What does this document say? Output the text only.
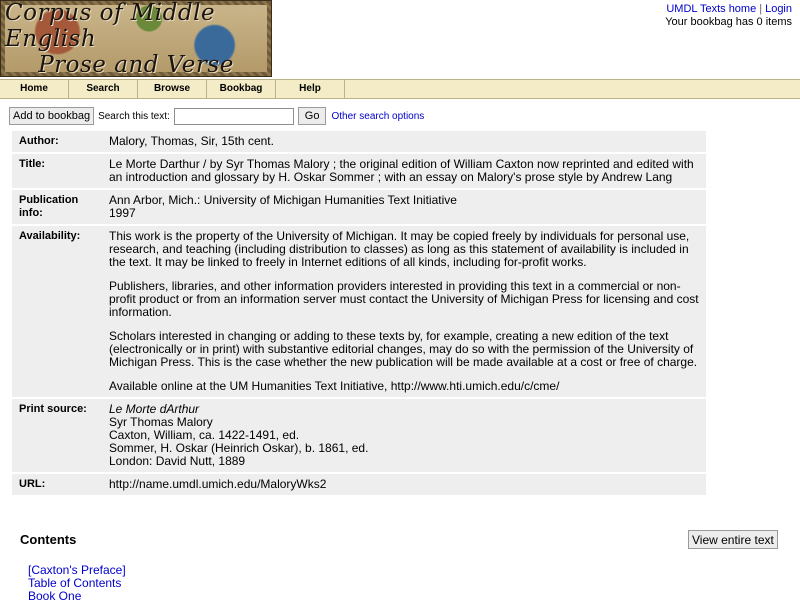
Corpus of Middle English
Prose and Verse
UMDL Texts home | Login
Your bookbag has 0 items
Home	Search	Browse	Bookbag	Help
Add to bookbag Search this text:	Go	Other search options
Author:	Malory, Thomas, Sir, 15th cent.
Title:	Le Morte Darthur / by Syr Thomas Malory ; the original edition of William Caxton now reprinted and edited with an introduction and glossary by H. Oskar Sommer ; with an essay on Malory's prose style by Andrew Lang
Publication info:	Ann Arbor, Mich.: University of Michigan Humanities Text Initiative
1997

Availability:	This work is the property of the University of Michigan. It may be copied freely by individuals for personal use, research, and teaching (including distribution to classes) as long as this statement of availability is included in the text. It may be linked to freely in Internet editions of all kinds, including for-profit works.

Publishers, libraries, and other information providers interested in providing this text in a commercial or non-profit product or from an information server must contact the University of Michigan Press for licensing and cost information.

Scholars interested in changing or adding to these texts by, for example, creating a new edition of the text (electronically or in print) with substantive editorial changes, may do so with the permission of the University of Michigan Press. This is the case whether the new publication will be made available at a cost or free of charge.

Available online at the UM Humanities Text Initiative, http://www.hti.umich.edu/c/cme/

Print source:	Le Morte dArthur
Syr Thomas Malory
Caxton, William, ca. 1422-1491, ed.
Sommer, H. Oskar (Heinrich Oskar), b. 1861, ed.
London: David Nutt, 1889

URL:	http://name.umdl.umich.edu/MaloryWks2
Contents	View entire text
[Caxton's Preface]
Table of Contents
Book One
